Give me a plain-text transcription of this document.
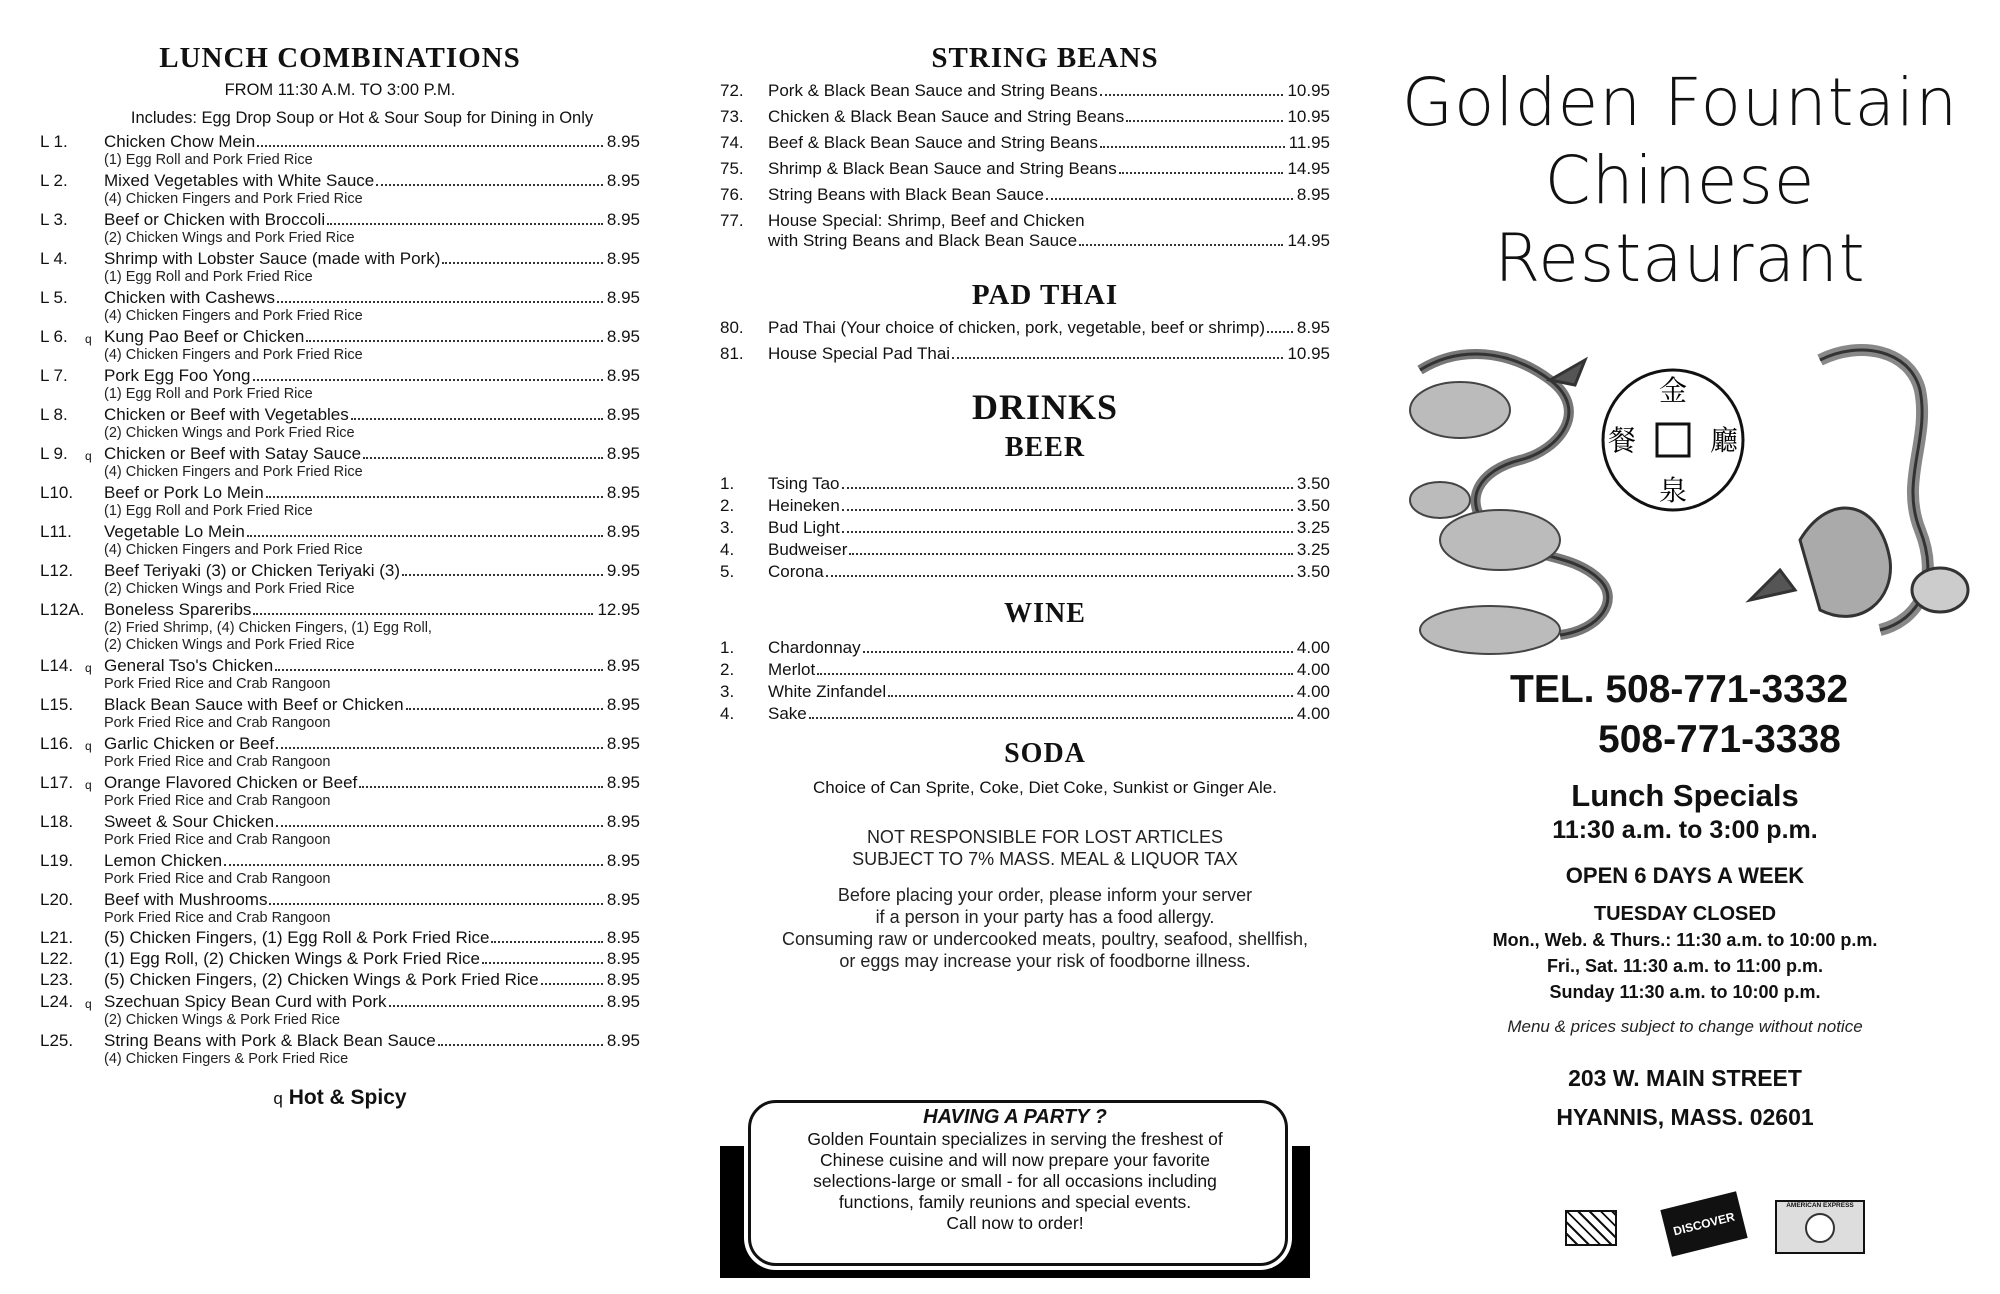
LUNCH COMBINATIONS
FROM 11:30 A.M. TO 3:00 P.M.
Includes: Egg Drop Soup or Hot & Sour Soup for Dining in Only
L 1.	Chicken Chow Mein	8.95
(1) Egg Roll and Pork Fried Rice
L 2.	Mixed Vegetables with White Sauce	8.95
(4) Chicken Fingers and Pork Fried Rice
L 3.	Beef or Chicken with Broccoli	8.95
(2) Chicken Wings and Pork Fried Rice
L 4.	Shrimp with Lobster Sauce (made with Pork)	8.95
(1) Egg Roll and Pork Fried Rice
L 5.	Chicken with Cashews	8.95
(4) Chicken Fingers and Pork Fried Rice
L 6.	q Kung Pao Beef or Chicken	8.95
(4) Chicken Fingers and Pork Fried Rice
L 7.	Pork Egg Foo Yong	8.95
(1) Egg Roll and Pork Fried Rice
L 8.	Chicken or Beef with Vegetables	8.95
(2) Chicken Wings and Pork Fried Rice
L 9.	q Chicken or Beef with Satay Sauce	8.95
(4) Chicken Fingers and Pork Fried Rice
L10.	Beef or Pork Lo Mein	8.95
(1) Egg Roll and Pork Fried Rice
L11.	Vegetable Lo Mein	8.95
(4) Chicken Fingers and Pork Fried Rice
L12.	Beef Teriyaki (3) or Chicken Teriyaki (3)	9.95
(2) Chicken Wings and Pork Fried Rice
L12A.	Boneless Spareribs	12.95
(2) Fried Shrimp, (4) Chicken Fingers, (1) Egg Roll,
(2) Chicken Wings and Pork Fried Rice
L14. q General Tso's Chicken	8.95
Pork Fried Rice and Crab Rangoon
L15.	Black Bean Sauce with Beef or Chicken	8.95
Pork Fried Rice and Crab Rangoon
L16. q Garlic Chicken or Beef	8.95
Pork Fried Rice and Crab Rangoon
L17. q Orange Flavored Chicken or Beef	8.95
Pork Fried Rice and Crab Rangoon
L18.	Sweet & Sour Chicken	8.95
Pork Fried Rice and Crab Rangoon
L19.	Lemon Chicken	8.95
Pork Fried Rice and Crab Rangoon
L20.	Beef with Mushrooms	8.95
Pork Fried Rice and Crab Rangoon
L21.	(5) Chicken Fingers, (1) Egg Roll & Pork Fried Rice	8.95
L22.	(1) Egg Roll, (2) Chicken Wings & Pork Fried Rice	8.95
L23.	(5) Chicken Fingers, (2) Chicken Wings & Pork Fried Rice	8.95
L24. q Szechuan Spicy Bean Curd with Pork	8.95
(2) Chicken Wings & Pork Fried Rice
L25.	String Beans with Pork & Black Bean Sauce	8.95
(4) Chicken Fingers & Pork Fried Rice
q Hot & Spicy
STRING BEANS
72.	Pork & Black Bean Sauce and String Beans	10.95
73.	Chicken & Black Bean Sauce and String Beans	10.95
74.	Beef & Black Bean Sauce and String Beans	11.95
75.	Shrimp & Black Bean Sauce and String Beans	14.95
76.	String Beans with Black Bean Sauce	8.95
77.	House Special: Shrimp, Beef and Chicken
with String Beans and Black Bean Sauce	14.95
PAD THAI
80.	Pad Thai (Your choice of chicken, pork, vegetable, beef or shrimp) 8.95
81.	House Special Pad Thai	10.95
DRINKS
BEER
1.	Tsing Tao	3.50
2.	Heineken	3.50
3.	Bud Light	3.25
4.	Budweiser	3.25
5.	Corona	3.50
WINE
1.	Chardonnay	4.00
2.	Merlot	4.00
3.	White Zinfandel	4.00
4.	Sake	4.00
SODA
Choice of Can Sprite, Coke, Diet Coke, Sunkist or Ginger Ale.
NOT RESPONSIBLE FOR LOST ARTICLES
SUBJECT TO 7% MASS. MEAL & LIQUOR TAX
Before placing your order, please inform your server
if a person in your party has a food allergy.
Consuming raw or undercooked meats, poultry, seafood, shellfish,
or eggs may increase your risk of foodborne illness.
HAVING A PARTY ?
Golden Fountain specializes in serving the freshest of
Chinese cuisine and will now prepare your favorite
selections-large or small - for all occasions including
functions, family reunions and special events.
Call now to order!
Golden Fountain
Chinese
Restaurant
金
餐	廳
泉
TEL. 508-771-3332
508-771-3338
Lunch Specials
11:30 a.m. to 3:00 p.m.
OPEN 6 DAYS A WEEK
TUESDAY CLOSED
Mon., Web. & Thurs.: 11:30 a.m. to 10:00 p.m.
Fri., Sat. 11:30 a.m. to 11:00 p.m.
Sunday 11:30 a.m. to 10:00 p.m.
Menu & prices subject to change without notice
203 W. MAIN STREET
HYANNIS, MASS. 02601
DISCOVER
AMERICAN EXPRESS
